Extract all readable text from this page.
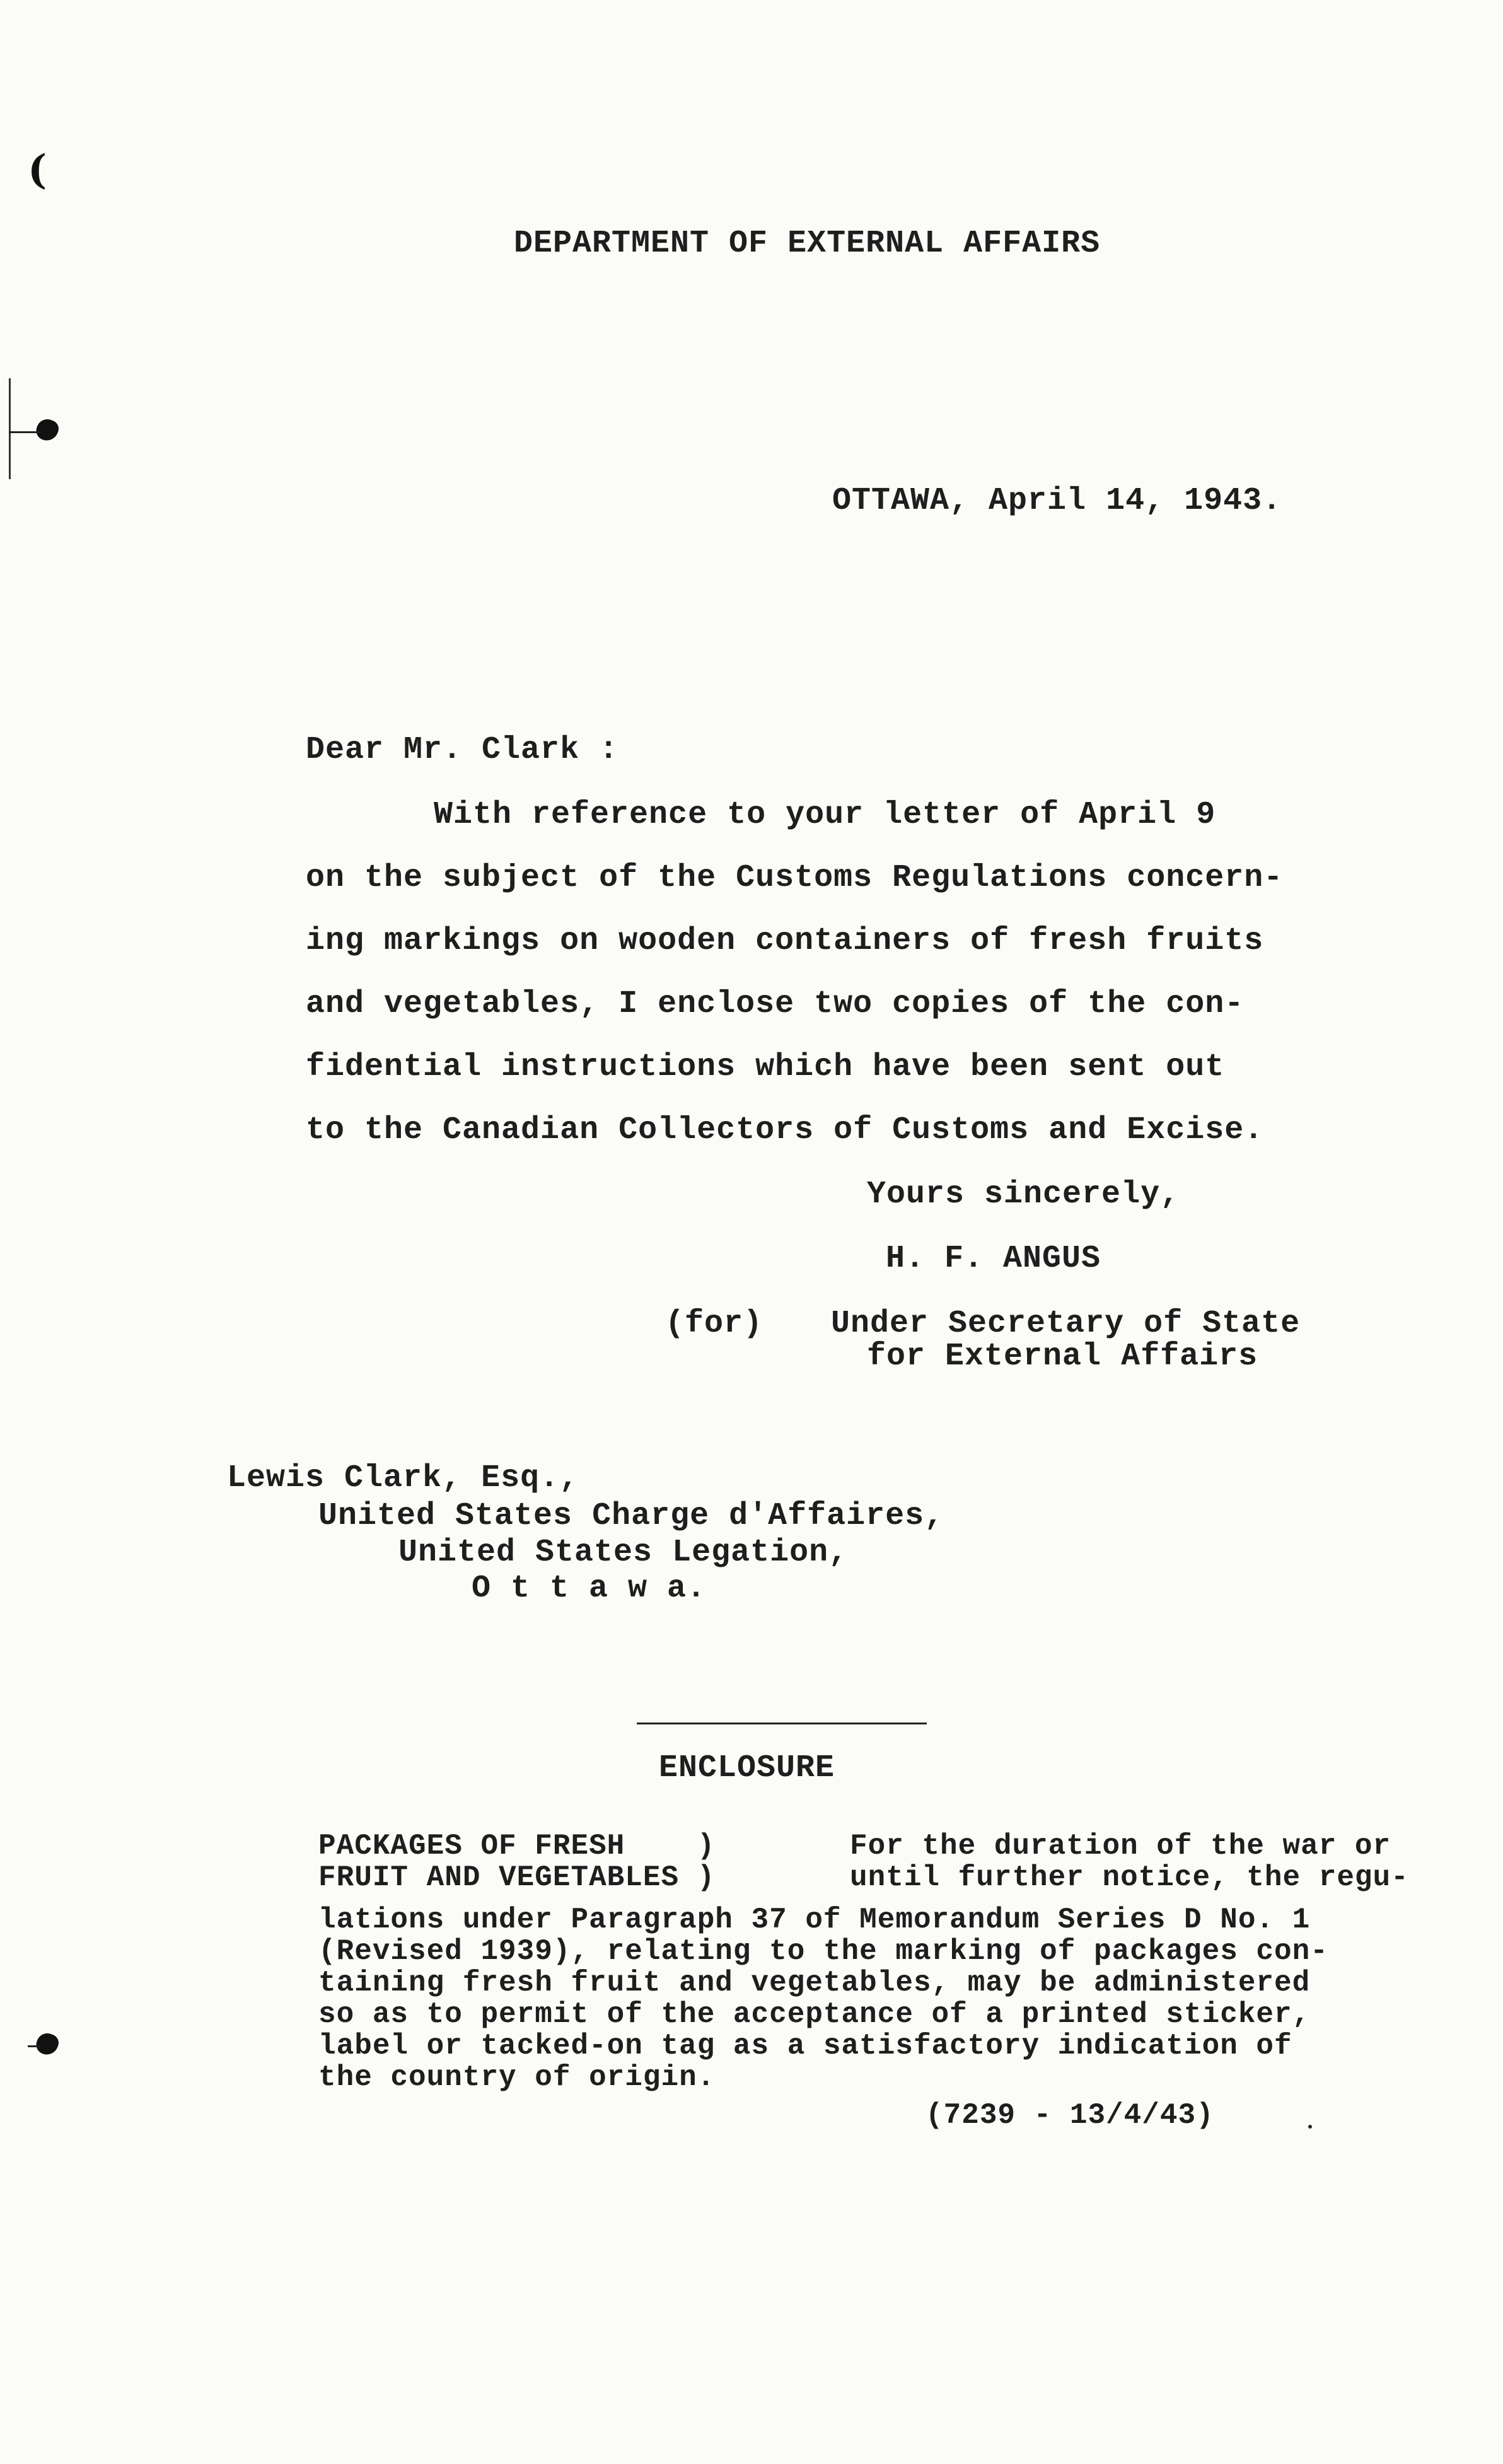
(
DEPARTMENT OF EXTERNAL AFFAIRS
OTTAWA, April 14, 1943.
Dear Mr. Clark :
With reference to your letter of April 9
on the subject of the Customs Regulations concern-
ing markings on wooden containers of fresh fruits
and vegetables, I enclose two copies of the con-
fidential instructions which have been sent out
to the Canadian Collectors of Customs and Excise.
Yours sincerely,
H. F. ANGUS
(for) Under Secretary of State
for External Affairs
Lewis Clark, Esq.,
United States Charge d'Affaires,
United States Legation,
O t t a w a.
ENCLOSURE
PACKAGES OF FRESH    )
FRUIT AND VEGETABLES )
For the duration of the war or
until further notice, the regu-
lations under Paragraph 37 of Memorandum Series D No. 1
(Revised 1939), relating to the marking of packages con-
taining fresh fruit and vegetables, may be administered
so as to permit of the acceptance of a printed sticker,
label or tacked-on tag as a satisfactory indication of
the country of origin.
(7239 - 13/4/43)
